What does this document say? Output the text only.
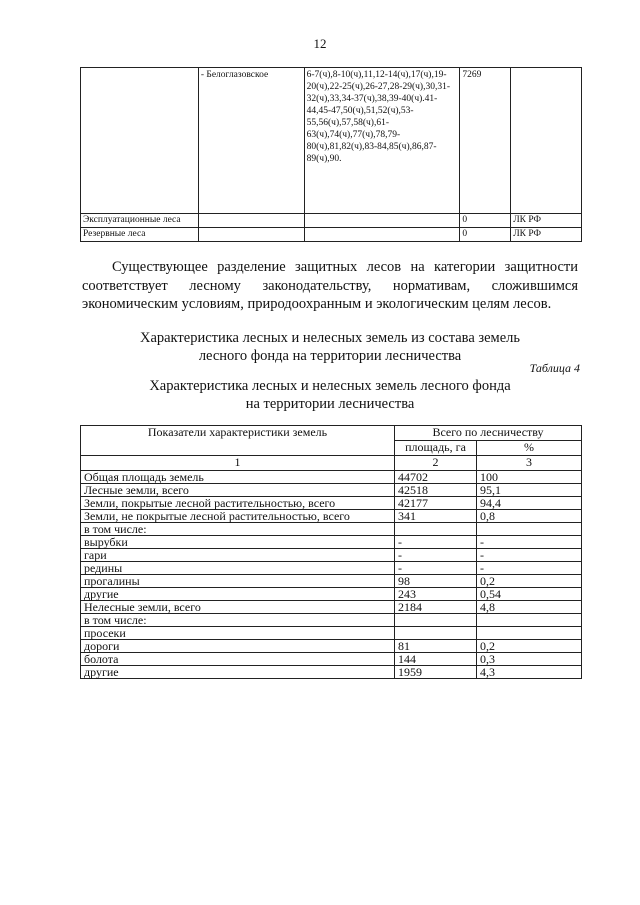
12
	- Белоглазовское	6-7(ч),8-10(ч),11,12-14(ч),17(ч),19-20(ч),22-25(ч),26-27,28-29(ч),30,31-32(ч),33,34-37(ч),38,39-40(ч).41-44,45-47,50(ч),51,52(ч),53-55,56(ч),57,58(ч),61-63(ч),74(ч),77(ч),78,79-80(ч),81,82(ч),83-84,85(ч),86,87-89(ч),90.	7269	
Эксплуатационные леса			0	ЛК РФ
Резервные леса			0	ЛК РФ
Существующее разделение защитных лесов на категории защитности соответствует лесному законодательству, нормативам, сложившимся экономическим условиям, природоохранным и экологическим целям лесов.
Характеристика лесных и нелесных земель из состава земель
лесного фонда на территории лесничества
Таблица 4
Характеристика лесных и нелесных земель лесного фонда
на территории лесничества
Показатели характеристики земель	Всего по лесничеству	
	площадь, га	%
1	2	3
Общая площадь земель	44702	100
Лесные земли, всего	42518	95,1
Земли, покрытые лесной растительностью, всего	42177	94,4
Земли, не покрытые лесной растительностью, всего	341	0,8
в том числе:		
вырубки	-	-
гари	-	-
редины	-	-
прогалины	98	0,2
другие	243	0,54
Нелесные земли, всего	2184	4,8
в том числе:		
просеки		
дороги	81	0,2
болота	144	0,3
другие	1959	4,3
